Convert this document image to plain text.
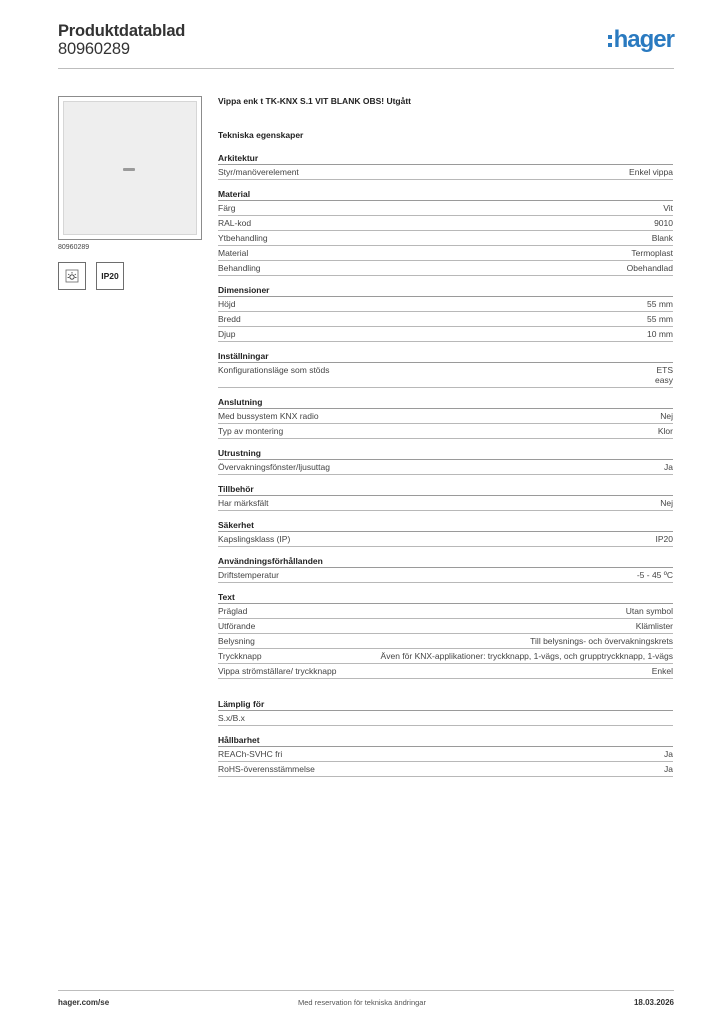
Produktdatablad
80960289	hager
80960289
IP20
Vippa enk t TK-KNX S.1 VIT BLANK OBS! Utgått
Tekniska egenskaper
Arkitektur
Styr/manöverelement	Enkel vippa
Material
Färg	Vit
RAL-kod	9010
Ytbehandling	Blank
Material	Termoplast
Behandling	Obehandlad
Dimensioner
Höjd	55 mm
Bredd	55 mm
Djup	10 mm
Inställningar
Konfigurationsläge som stöds	ETS
easy
Anslutning
Med bussystem KNX radio	Nej
Typ av montering	Klor
Utrustning
Övervakningsfönster/ljusuttag	Ja
Tillbehör
Har märksfält	Nej
Säkerhet
Kapslingsklass (IP)	IP20
Användningsförhållanden
Driftstemperatur	-5 - 45 ºC
Text
Präglad	Utan symbol
Utförande	Klämlister
Belysning	Till belysnings- och övervakningskrets
Tryckknapp	Även för KNX-applikationer: tryckknapp, 1-vägs, och grupptryckknapp, 1-vägs
Vippa strömställare/ tryckknapp	Enkel
Lämplig för
S.x/B.x
Hållbarhet
REACh-SVHC fri	Ja
RoHS-överensstämmelse	Ja
hager.com/se	Med reservation för tekniska ändringar	18.03.2026
